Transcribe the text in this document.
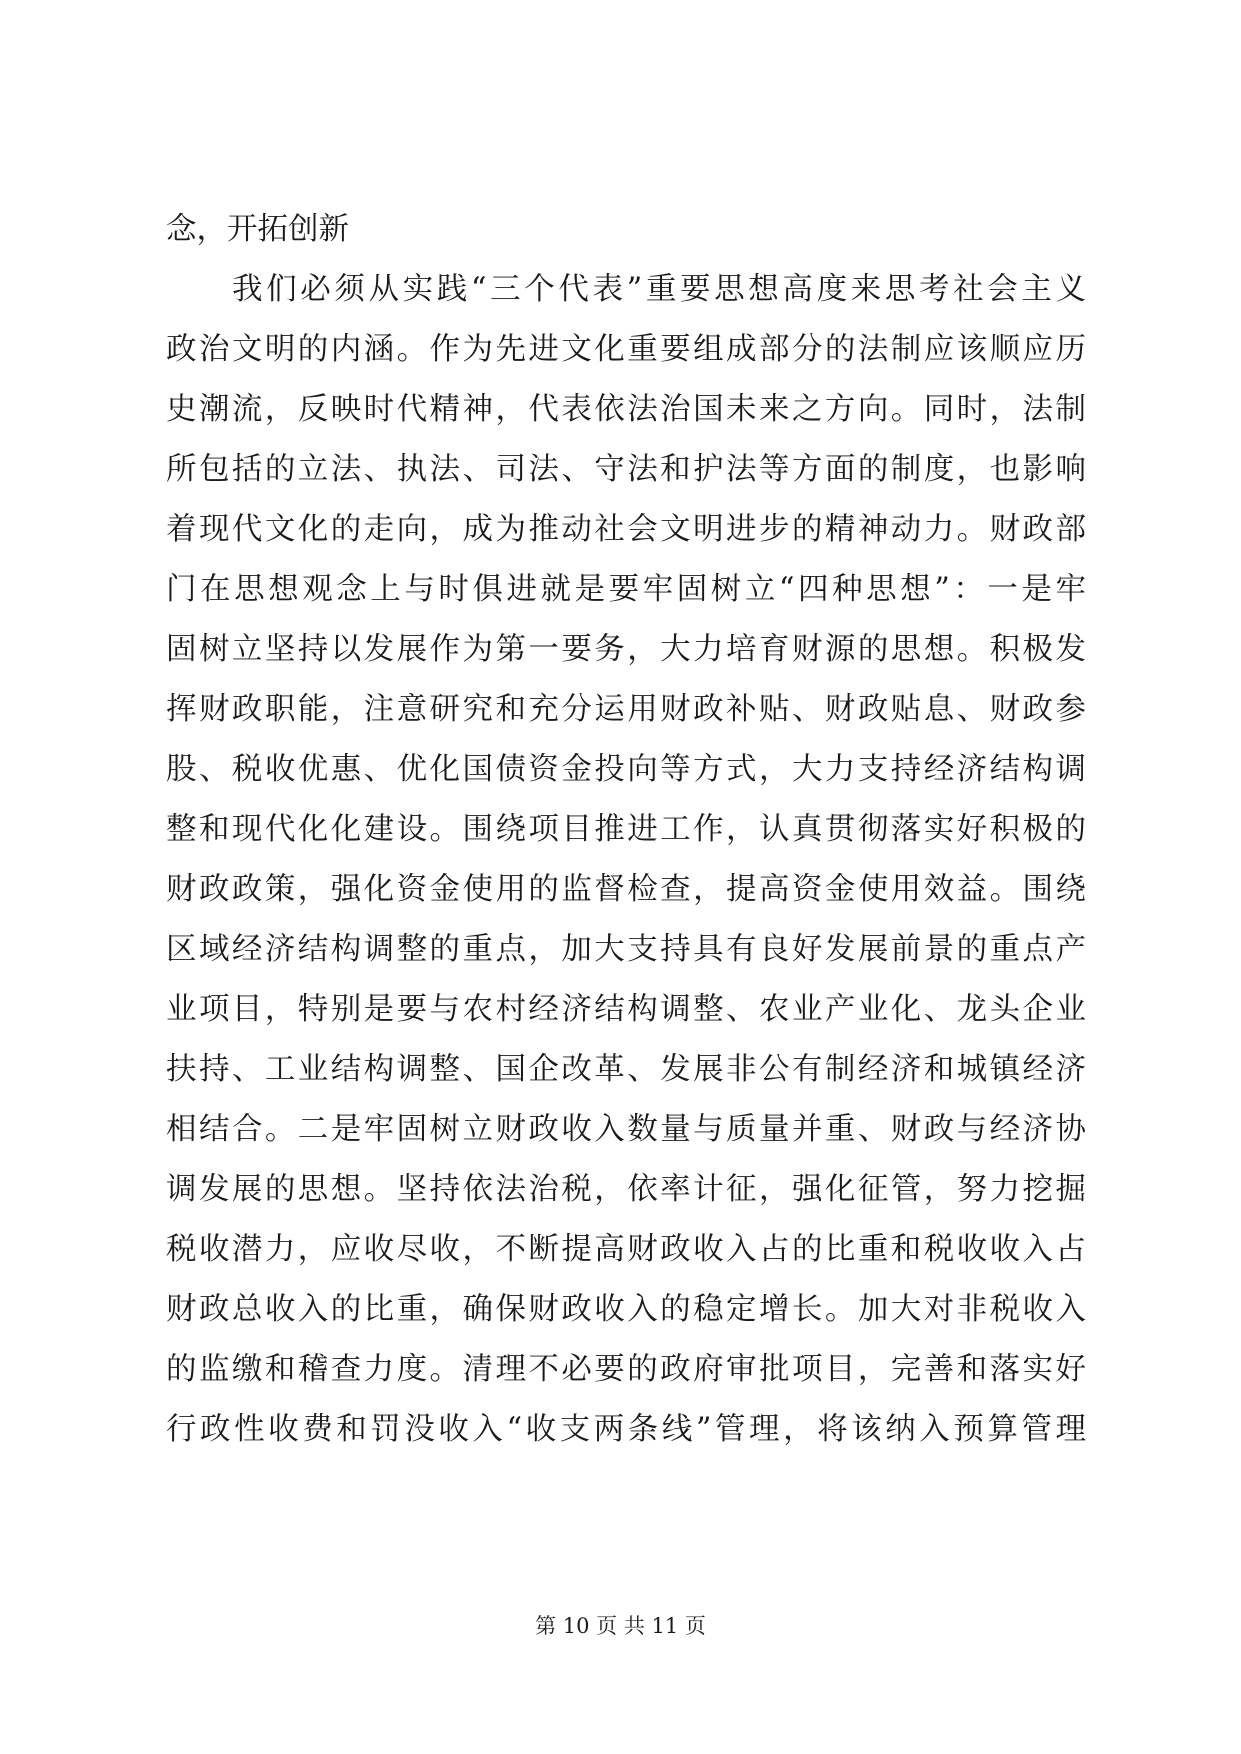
念，开拓创新
我们必须从实践“三个代表”重要思想高度来思考社会主义
政治文明的内涵。作为先进文化重要组成部分的法制应该顺应历
史潮流，反映时代精神，代表依法治国未来之方向。同时，法制
所包括的立法、执法、司法、守法和护法等方面的制度，也影响
着现代文化的走向，成为推动社会文明进步的精神动力。财政部
门在思想观念上与时俱进就是要牢固树立“四种思想”：一是牢
固树立坚持以发展作为第一要务，大力培育财源的思想。积极发
挥财政职能，注意研究和充分运用财政补贴、财政贴息、财政参
股、税收优惠、优化国债资金投向等方式，大力支持经济结构调
整和现代化化建设。围绕项目推进工作，认真贯彻落实好积极的
财政政策，强化资金使用的监督检查，提高资金使用效益。围绕
区域经济结构调整的重点，加大支持具有良好发展前景的重点产
业项目，特别是要与农村经济结构调整、农业产业化、龙头企业
扶持、工业结构调整、国企改革、发展非公有制经济和城镇经济
相结合。二是牢固树立财政收入数量与质量并重、财政与经济协
调发展的思想。坚持依法治税，依率计征，强化征管，努力挖掘
税收潜力，应收尽收，不断提高财政收入占的比重和税收收入占
财政总收入的比重，确保财政收入的稳定增长。加大对非税收入
的监缴和稽查力度。清理不必要的政府审批项目，完善和落实好
行政性收费和罚没收入“收支两条线”管理，将该纳入预算管理
第 10 页 共 11 页
